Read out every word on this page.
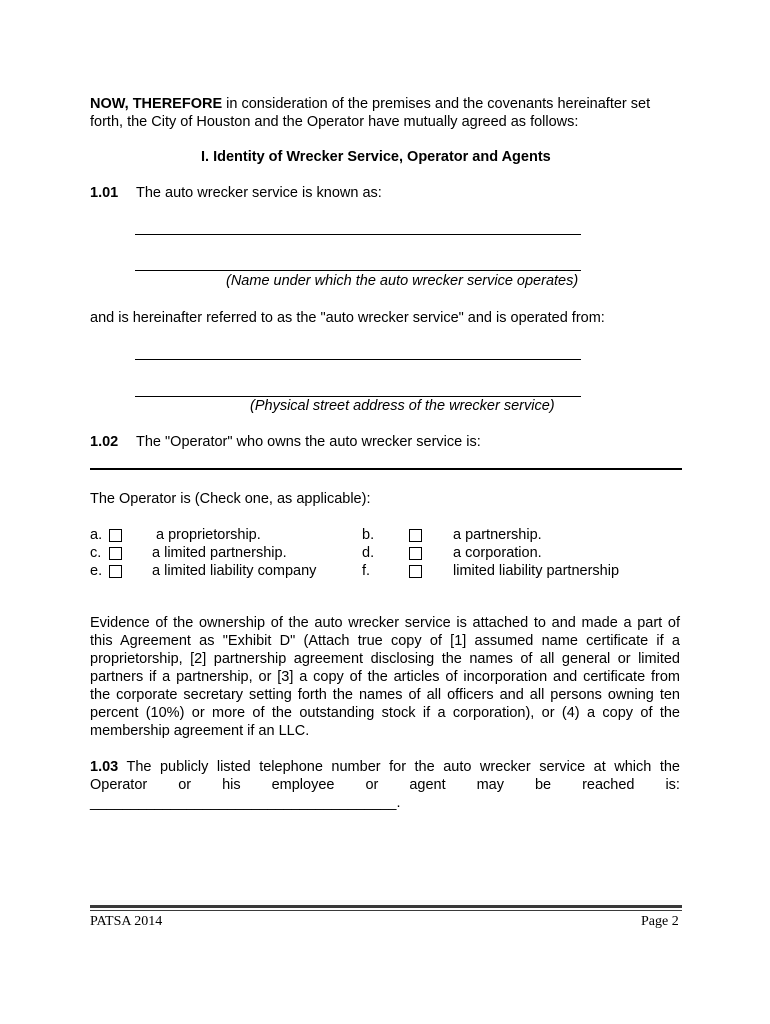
NOW, THEREFORE in consideration of the premises and the covenants hereinafter set
forth, the City of Houston and the Operator have mutually agreed as follows:
I. Identity of Wrecker Service, Operator and Agents
1.01 The auto wrecker service is known as:
(Name under which the auto wrecker service operates)
and is hereinafter referred to as the "auto wrecker service" and is operated from:
(Physical street address of the wrecker service)
1.02 The "Operator" who owns the auto wrecker service is:
The Operator is (Check one, as applicable):
a.	a proprietorship.	b.	a partnership.
c.	a limited partnership.	d.	a corporation.
e.	a limited liability company	f.	limited liability partnership
Evidence of the ownership of the auto wrecker service is attached to and made a part of
this Agreement as "Exhibit D" (Attach true copy of [1] assumed name certificate if a
proprietorship, [2] partnership agreement disclosing the names of all general or limited
partners if a partnership, or [3] a copy of the articles of incorporation and certificate from
the corporate secretary setting forth the names of all officers and all persons owning ten
percent (10%) or more of the outstanding stock if a corporation), or (4) a copy of the
membership agreement if an LLC.
1.03 The publicly listed telephone number for the auto wrecker service at which the
Operator or his employee or agent may be reached is:
______________________________________.
PATSA 2014	Page 2
